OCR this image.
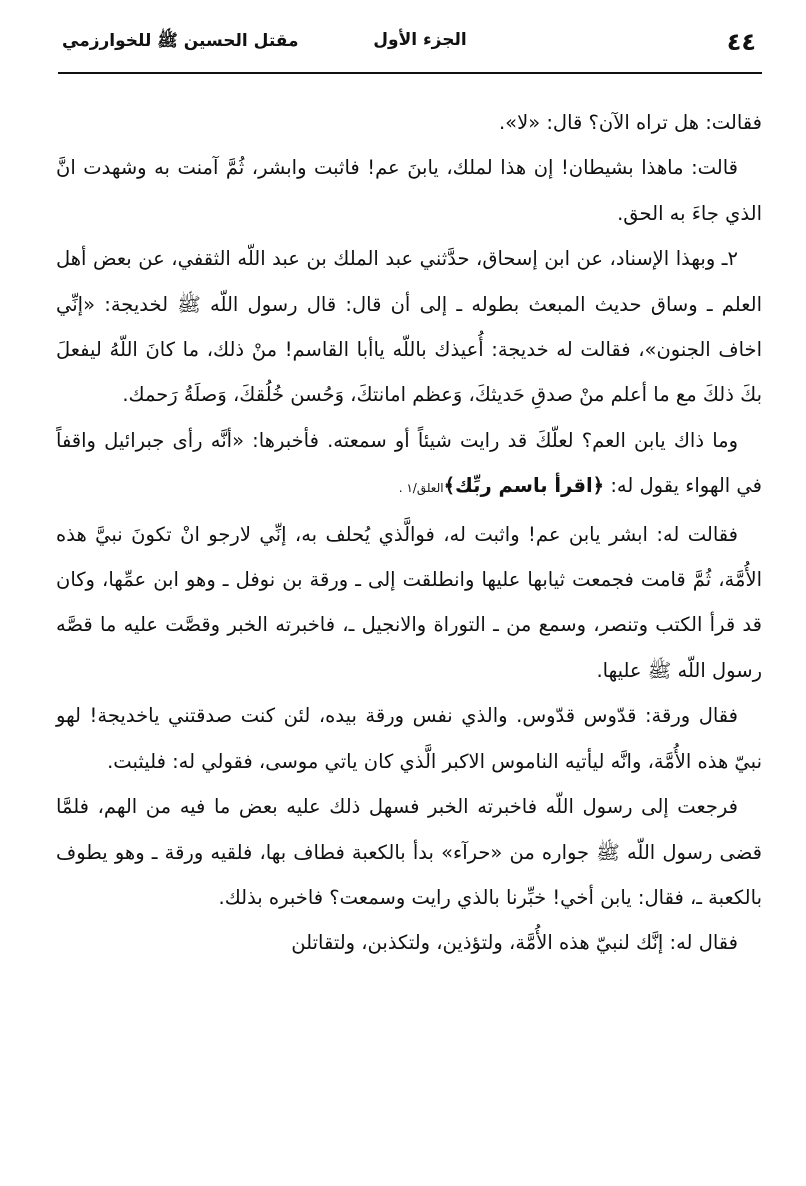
٤٤
الجزء الأول
مقتل الحسين ﷺ للخوارزمي

فقالت: هل تراه الآن؟ قال: «لا».

قالت: ماهذا بشيطان! إن هذا لملك، يابنَ عم! فاثبت وابشر، ثُمَّ آمنت به وشهدت انَّ الذي جاءَ به الحق.

٢ـ وبهذا الإسناد، عن ابن إسحاق، حدَّثني عبد الملك بن عبد اللّه الثقفي، عن بعض أهل العلم ـ وساق حديث المبعث بطوله ـ إلى أن قال: قال رسول اللّه ﷺ لخديجة: «إنِّي اخاف الجنون»، فقالت له خديجة: أُعيذك باللّه ياأبا القاسم! منْ ذلك، ما كانَ اللّهُ ليفعلَ بكَ ذلكَ مع ما أعلم منْ صدقِ حَديثكَ، وَعظم امانتكَ، وَحُسن خُلُقكَ، وَصلَةُ رَحمك.

وما ذاك يابن العم؟ لعلّكَ قد رايت شيئاً أو سمعته. فأخبرها: «أنَّه رأى جبرائيل واقفاً في الهواء يقول له: ﴿اقرأ باسم ربِّك﴾العلق/١ .

فقالت له: ابشر يابن عم! واثبت له، فوالَّذي يُحلف به، إنِّي لارجو انْ تكونَ نبيَّ هذه الأُمَّة، ثُمَّ قامت فجمعت ثيابها عليها وانطلقت إلى ـ ورقة بن نوفل ـ وهو ابن عمِّها، وكان قد قرأ الكتب وتنصر، وسمع من ـ التوراة والانجيل ـ، فاخبرته الخبر وقصَّت عليه ما قصَّه رسول اللّه ﷺ عليها.

فقال ورقة: قدّوس قدّوس. والذي نفس ورقة بيده، لئن كنت صدقتني ياخديجة! لهو نبيّ هذه الأُمَّة، وانَّه ليأتيه الناموس الاكبر الَّذي كان ياتي موسى، فقولي له: فليثبت.

فرجعت إلى رسول اللّه فاخبرته الخبر فسهل ذلك عليه بعض ما فيه من الهم، فلمَّا قضى رسول اللّه ﷺ جواره من «حرآء» بدأ بالكعبة فطاف بها، فلقيه ورقة ـ وهو يطوف بالكعبة ـ، فقال: يابن أخي! خبِّرنا بالذي رايت وسمعت؟ فاخبره بذلك.

فقال له: إنَّك لنبيّ هذه الأُمَّة، ولتؤذين، ولتكذبن، ولتقاتلن
